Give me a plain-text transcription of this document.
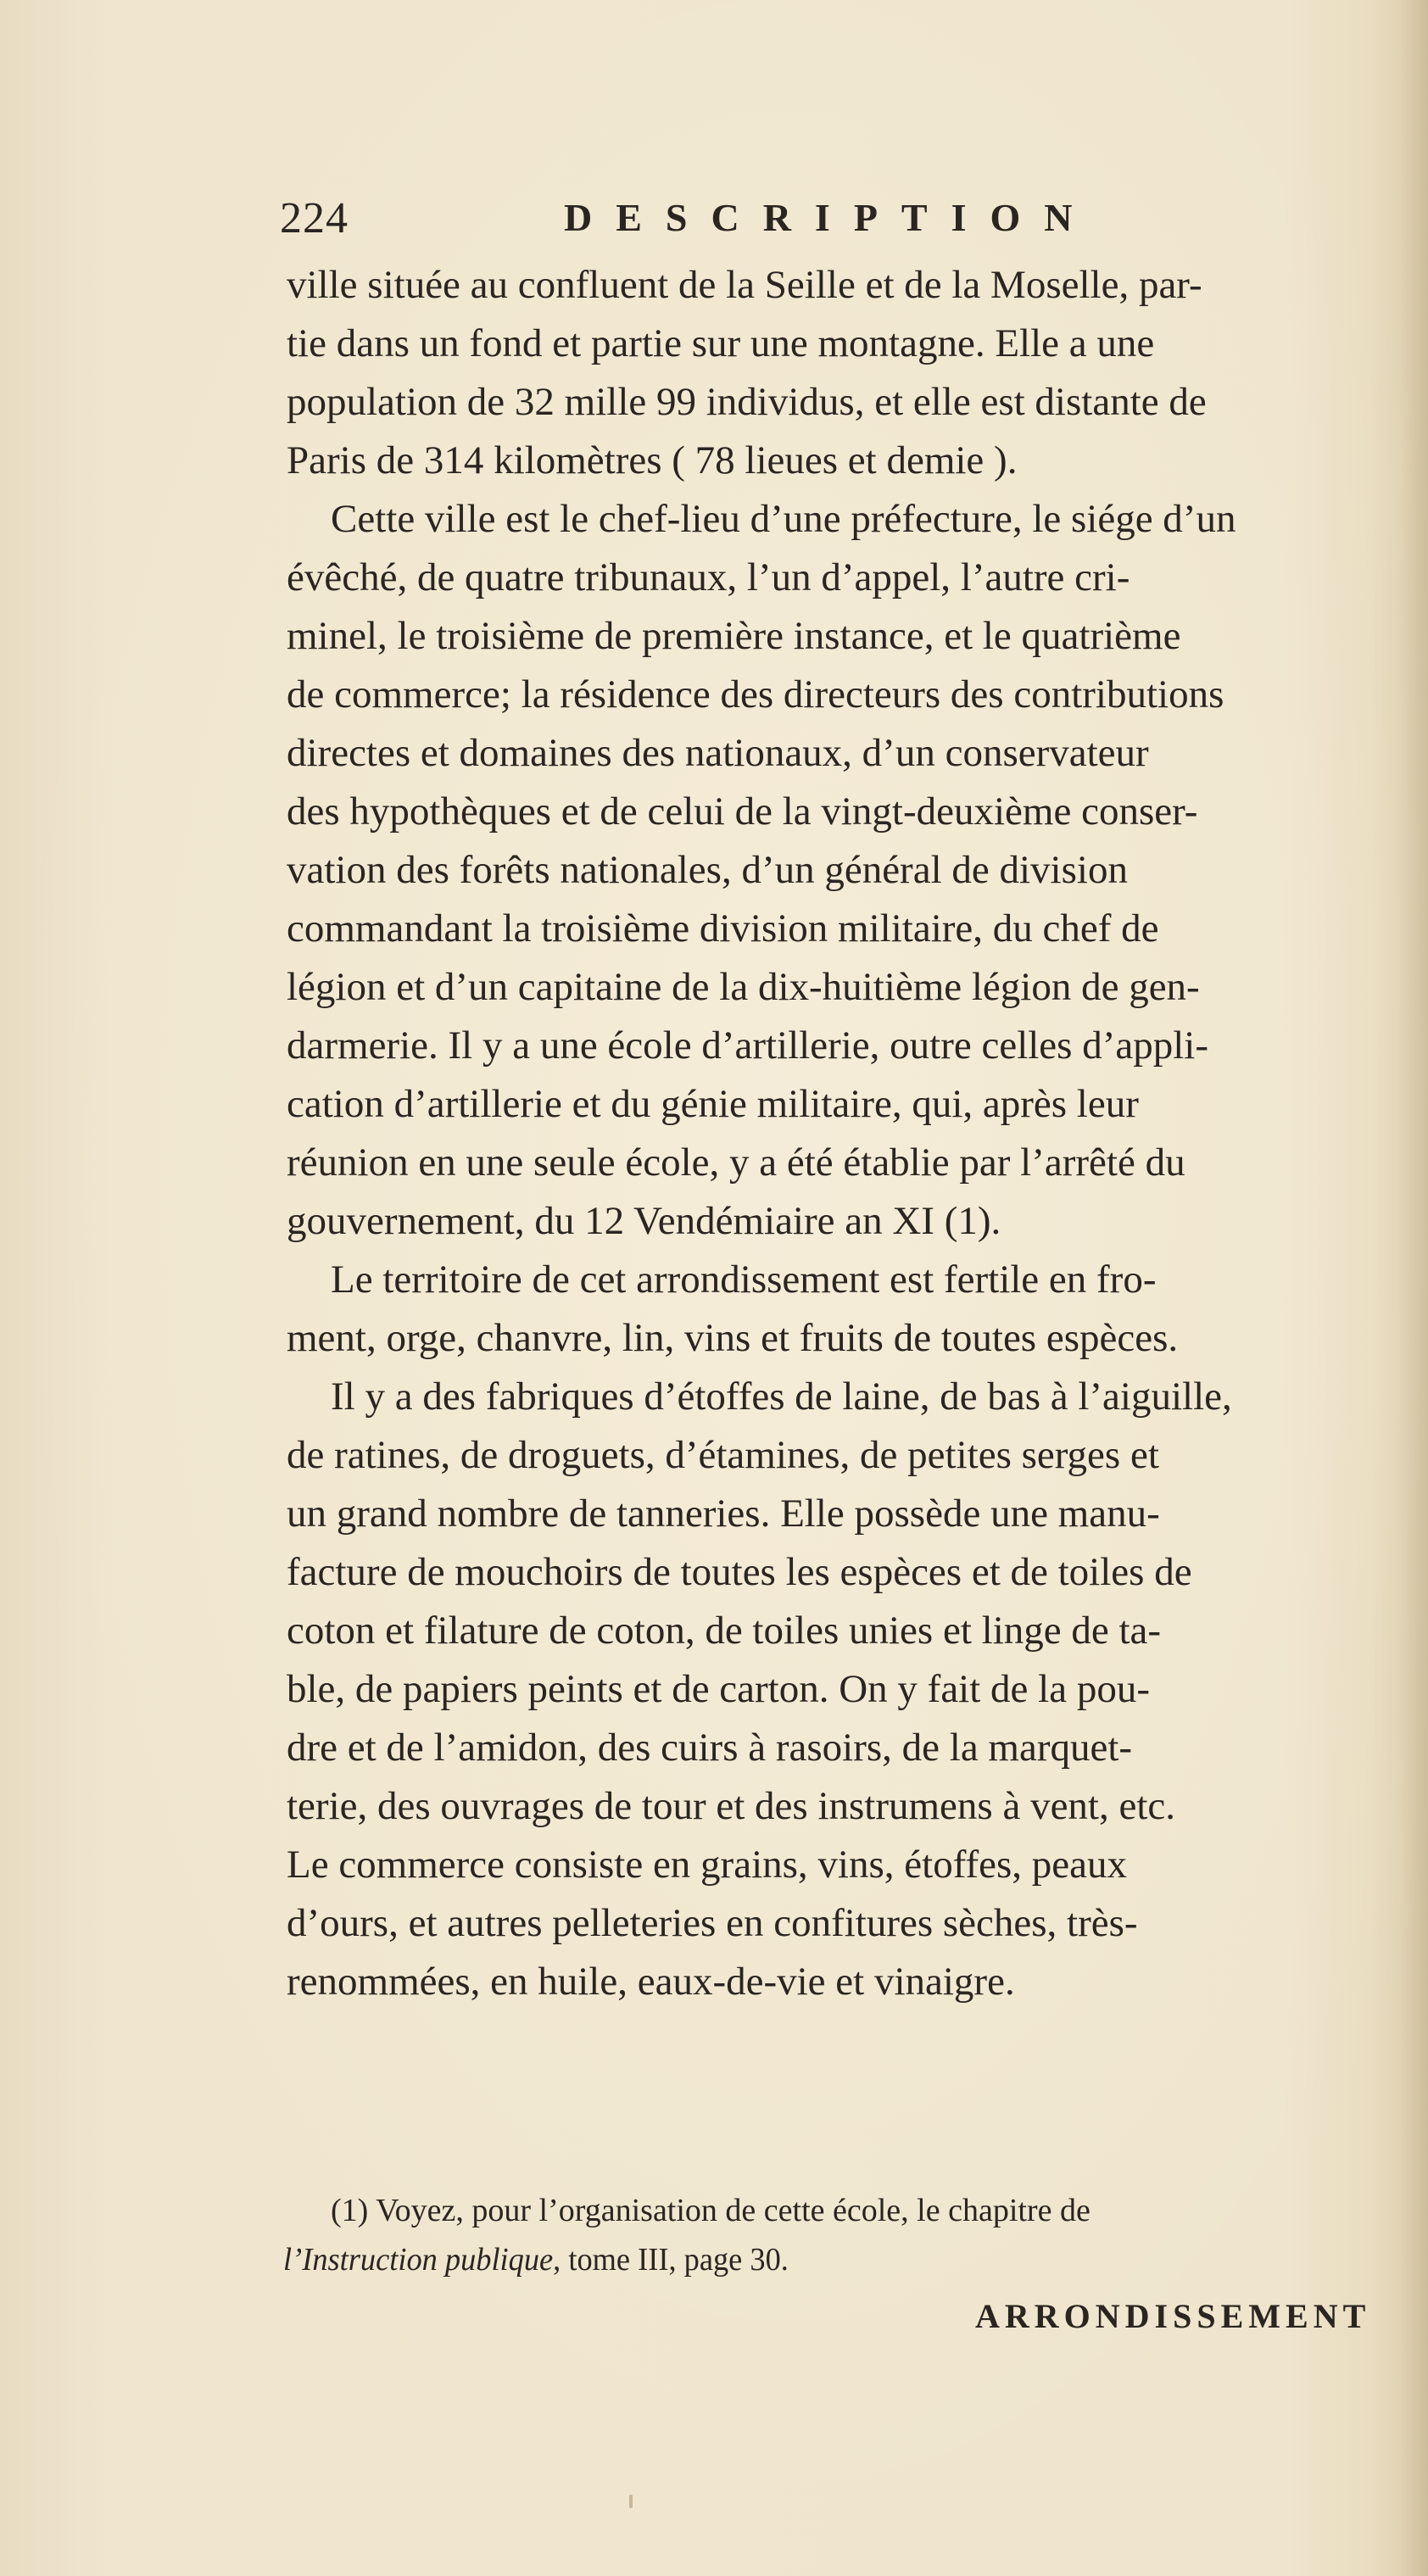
224	DESCRIPTION
ville située au confluent de la Seille et de la Moselle, par-
tie dans un fond et partie sur une montagne. Elle a une
population de 32 mille 99 individus, et elle est distante de
Paris de 314 kilomètres ( 78 lieues et demie ).
Cette ville est le chef-lieu d’une préfecture, le siége d’un
évêché, de quatre tribunaux, l’un d’appel, l’autre cri-
minel, le troisième de première instance, et le quatrième
de commerce; la résidence des directeurs des contributions
directes et domaines des nationaux, d’un conservateur
des hypothèques et de celui de la vingt-deuxième conser-
vation des forêts nationales, d’un général de division
commandant la troisième division militaire, du chef de
légion et d’un capitaine de la dix-huitième légion de gen-
darmerie. Il y a une école d’artillerie, outre celles d’appli-
cation d’artillerie et du génie militaire, qui, après leur
réunion en une seule école, y a été établie par l’arrêté du
gouvernement, du 12 Vendémiaire an XI (1).
Le territoire de cet arrondissement est fertile en fro-
ment, orge, chanvre, lin, vins et fruits de toutes espèces.
Il y a des fabriques d’étoffes de laine, de bas à l’aiguille,
de ratines, de droguets, d’étamines, de petites serges et
un grand nombre de tanneries. Elle possède une manu-
facture de mouchoirs de toutes les espèces et de toiles de
coton et filature de coton, de toiles unies et linge de ta-
ble, de papiers peints et de carton. On y fait de la pou-
dre et de l’amidon, des cuirs à rasoirs, de la marquet-
terie, des ouvrages de tour et des instrumens à vent, etc.
Le commerce consiste en grains, vins, étoffes, peaux
d’ours, et autres pelleteries en confitures sèches, très-
renommées, en huile, eaux-de-vie et vinaigre.
(1) Voyez, pour l’organisation de cette école, le chapitre de
l’Instruction publique, tome III, page 30.
ARRONDISSEMENT
